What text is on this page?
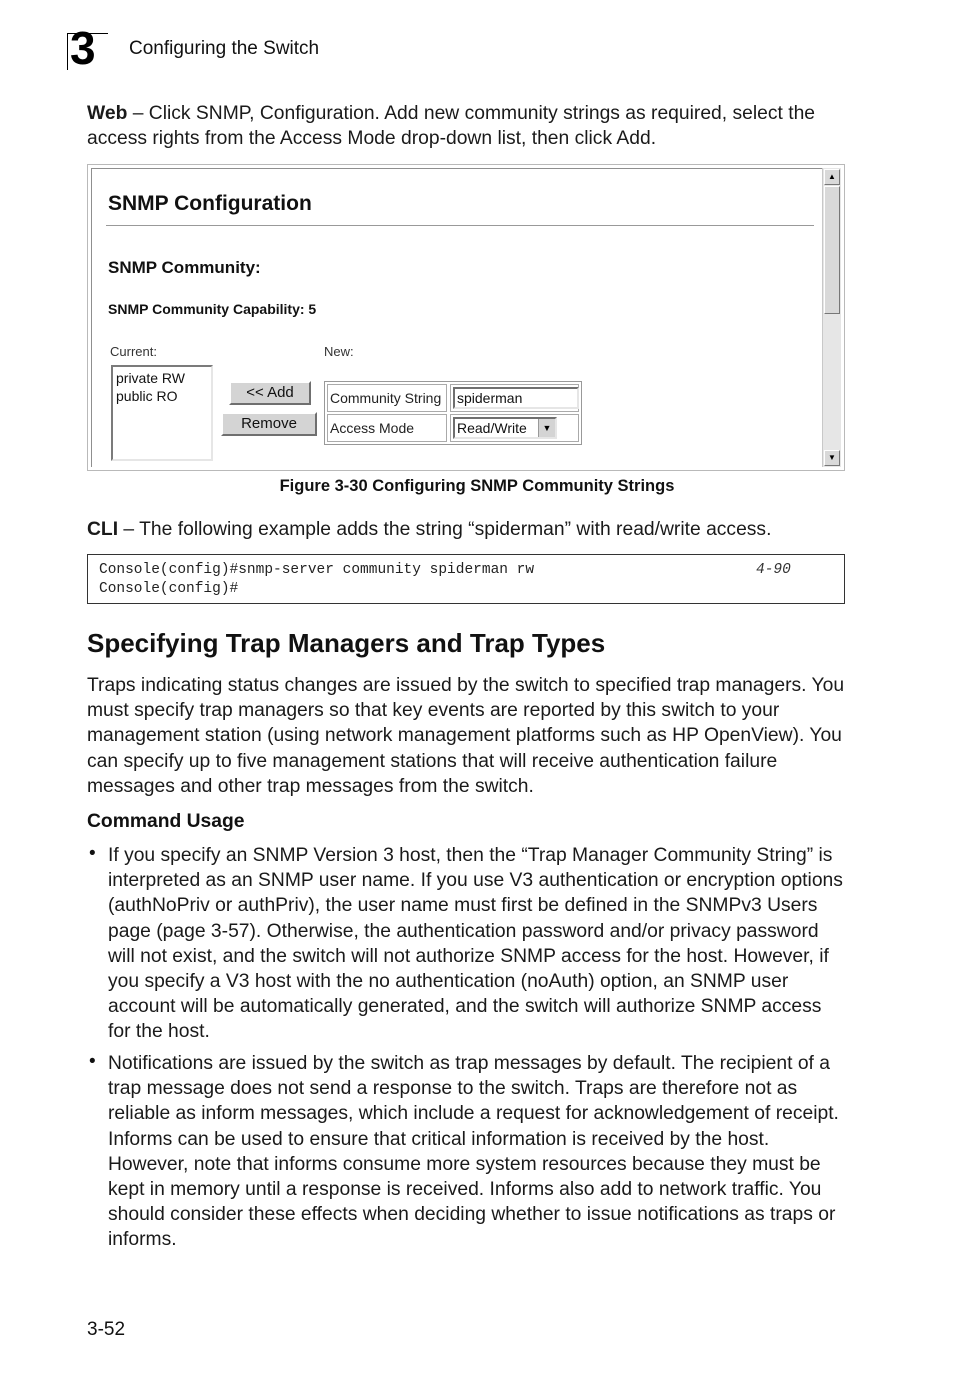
3 Configuring the Switch

Web – Click SNMP, Configuration. Add new community strings as required, select the access rights from the Access Mode drop-down list, then click Add.

SNMP Configuration
SNMP Community:
SNMP Community Capability: 5
Current:	New:
private RW
public RO	<< Add
Remove
Community String	spiderman
Access Mode	Read/Write	▼
▲
▼
Figure 3-30 Configuring SNMP Community Strings

CLI – The following example adds the string “spiderman” with read/write access.

Console(config)#snmp-server community spiderman rw
Console(config)#
4-90
Specifying Trap Managers and Trap Types

Traps indicating status changes are issued by the switch to specified trap managers. You must specify trap managers so that key events are reported by this switch to your management station (using network management platforms such as HP OpenView). You can specify up to five management stations that will receive authentication failure messages and other trap messages from the switch.

Command Usage
• If you specify an SNMP Version 3 host, then the “Trap Manager Community String” is interpreted as an SNMP user name. If you use V3 authentication or encryption options (authNoPriv or authPriv), the user name must first be defined in the SNMPv3 Users page (page 3-57). Otherwise, the authentication password and/or privacy password will not exist, and the switch will not authorize SNMP access for the host. However, if you specify a V3 host with the no authentication (noAuth) option, an SNMP user account will be automatically generated, and the switch will authorize SNMP access for the host.

• Notifications are issued by the switch as trap messages by default. The recipient of a trap message does not send a response to the switch. Traps are therefore not as reliable as inform messages, which include a request for acknowledgement of receipt. Informs can be used to ensure that critical information is received by the host. However, note that informs consume more system resources because they must be kept in memory until a response is received. Informs also add to network traffic. You should consider these effects when deciding whether to issue notifications as traps or informs.

3-52
